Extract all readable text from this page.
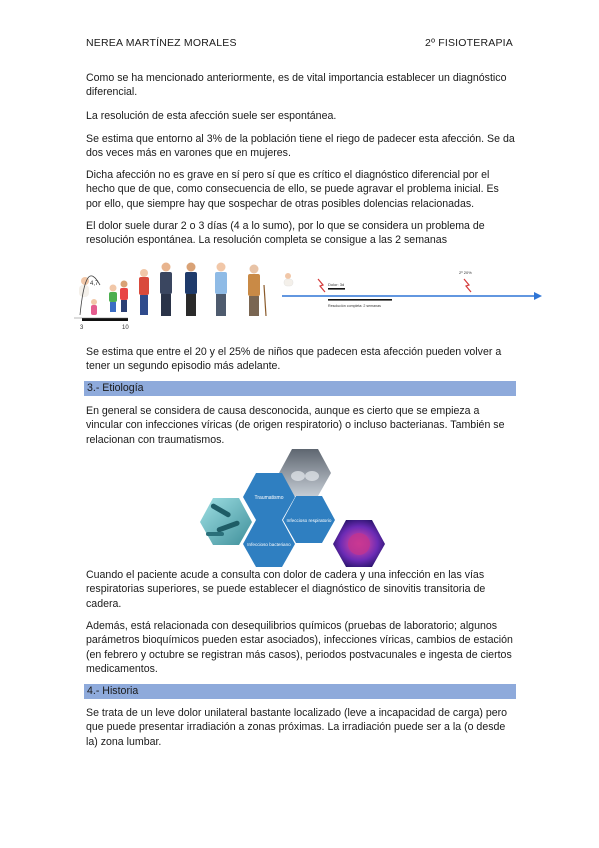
NEREA MARTÍNEZ MORALES	2º FISIOTERAPIA

Como se ha mencionado anteriormente, es de vital importancia establecer un diagnóstico diferencial.

La resolución de esta afección suele ser espontánea.

Se estima que entorno al 3% de la población tiene el riego de padecer esta afección. Se da dos veces más en varones que en mujeres.

Dicha afección no es grave en sí pero sí que es crítico el diagnóstico diferencial por el hecho que de que, como consecuencia de ello, se puede agravar el problema inicial. Es por ello, que siempre hay que sospechar de otras posibles dolencias relacionadas.

El dolor suele durar 2 o 3 días (4 a lo sumo), por lo que se considera un problema de resolución espontánea. La resolución completa se consigue a las 2 semanas

4,7
3	10
Dolor: 3d
Resolución completa: 2 semanas
2º 20%

Se estima que entre el 20 y el 25% de niños que padecen esta afección pueden volver a tener un segundo episodio más adelante.

3.- Etiología

En general se considera de causa desconocida, aunque es cierto que se empieza a vincular con infecciones víricas (de origen respiratorio) o incluso bacterianas. También se relacionan con traumatismos.

Traumatismo
Infeccioso respiratorio
Infeccioso bacteriano

Cuando el paciente acude a consulta con dolor de cadera y una infección en las vías respiratorias superiores, se puede establecer el diagnóstico de sinovitis transitoria de cadera.

Además, está relacionada con desequilibrios químicos (pruebas de laboratorio; algunos parámetros bioquímicos pueden estar asociados), infecciones víricas, cambios de estación (en febrero y octubre se registran más casos), periodos postvacunales e ingesta de ciertos medicamentos.

4.- Historia

Se trata de un leve dolor unilateral bastante localizado (leve a incapacidad de carga) pero que puede presentar irradiación a zonas próximas. La irradiación puede ser a la (o desde la) zona lumbar.
